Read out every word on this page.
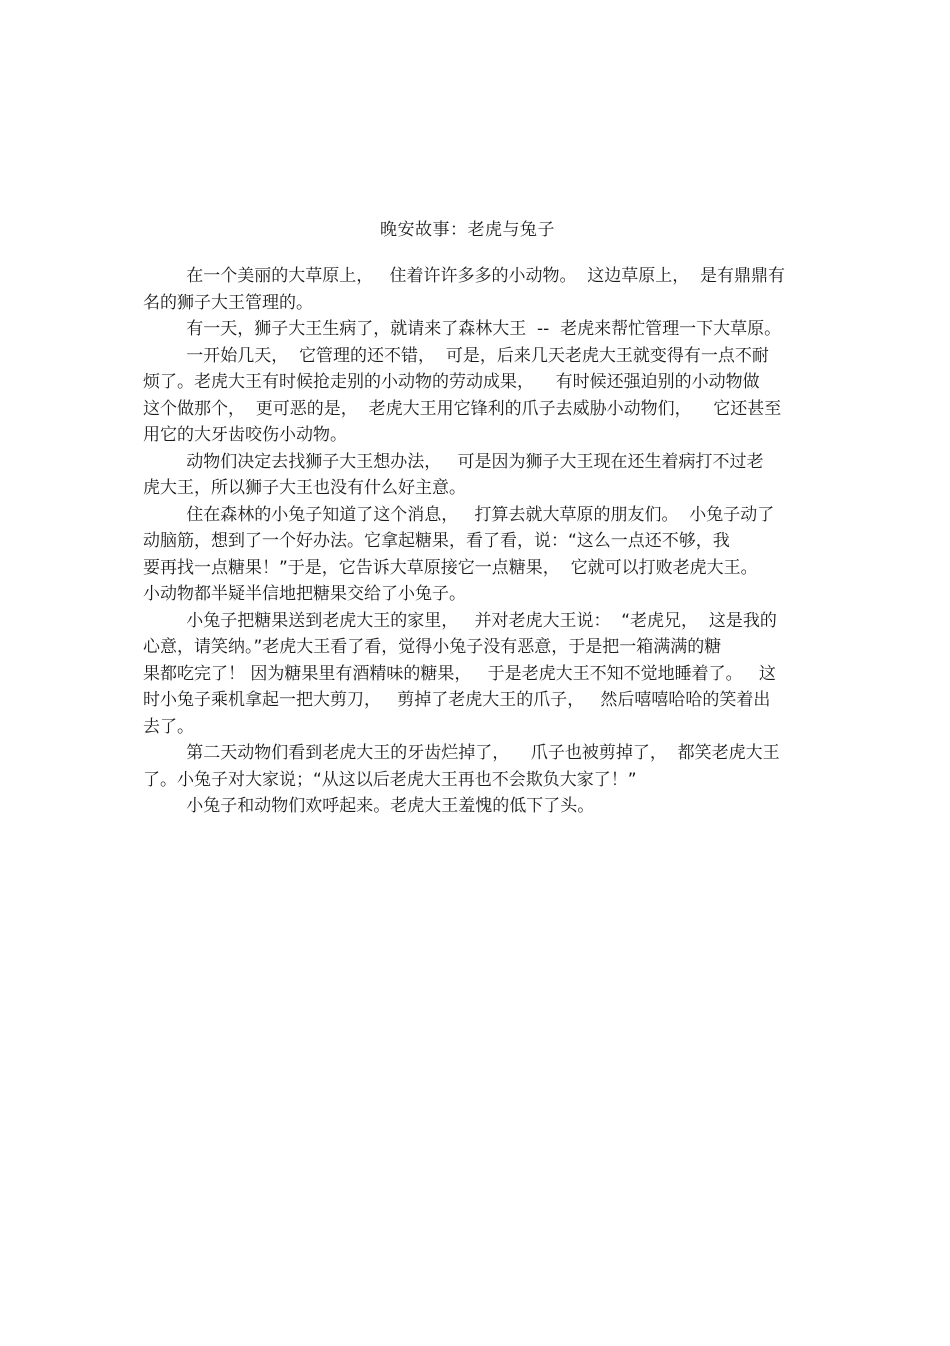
晚安故事：老虎与兔子
在一个美丽的大草原上，   住着许许多多的小动物。  这边草原上，  是有鼎鼎有
名的狮子大王管理的。
有一天，狮子大王生病了，就请来了森林大王  --  老虎来帮忙管理一下大草原。
一开始几天，  它管理的还不错，  可是，后来几天老虎大王就变得有一点不耐
烦了。老虎大王有时候抢走别的小动物的劳动成果，    有时候还强迫别的小动物做
这个做那个，  更可恶的是，  老虎大王用它锋利的爪子去威胁小动物们，    它还甚至
用它的大牙齿咬伤小动物。
动物们决定去找狮子大王想办法，   可是因为狮子大王现在还生着病打不过老
虎大王，所以狮子大王也没有什么好主意。
住在森林的小兔子知道了这个消息，   打算去就大草原的朋友们。  小兔子动了
动脑筋，想到了一个好办法。它拿起糖果，看了看，说：“这么一点还不够，我
要再找一点糖果！”于是，它告诉大草原接它一点糖果，  它就可以打败老虎大王。
小动物都半疑半信地把糖果交给了小兔子。
小兔子把糖果送到老虎大王的家里，   并对老虎大王说：  “老虎兄，  这是我的
心意，请笑纳。”老虎大王看了看，觉得小兔子没有恶意，于是把一箱满满的糖
果都吃完了！ 因为糖果里有酒精味的糖果，   于是老虎大王不知不觉地睡着了。   这
时小兔子乘机拿起一把大剪刀，   剪掉了老虎大王的爪子，   然后嘻嘻哈哈的笑着出
去了。
第二天动物们看到老虎大王的牙齿烂掉了，    爪子也被剪掉了，  都笑老虎大王
了。小兔子对大家说；“从这以后老虎大王再也不会欺负大家了！”
小兔子和动物们欢呼起来。老虎大王羞愧的低下了头。
